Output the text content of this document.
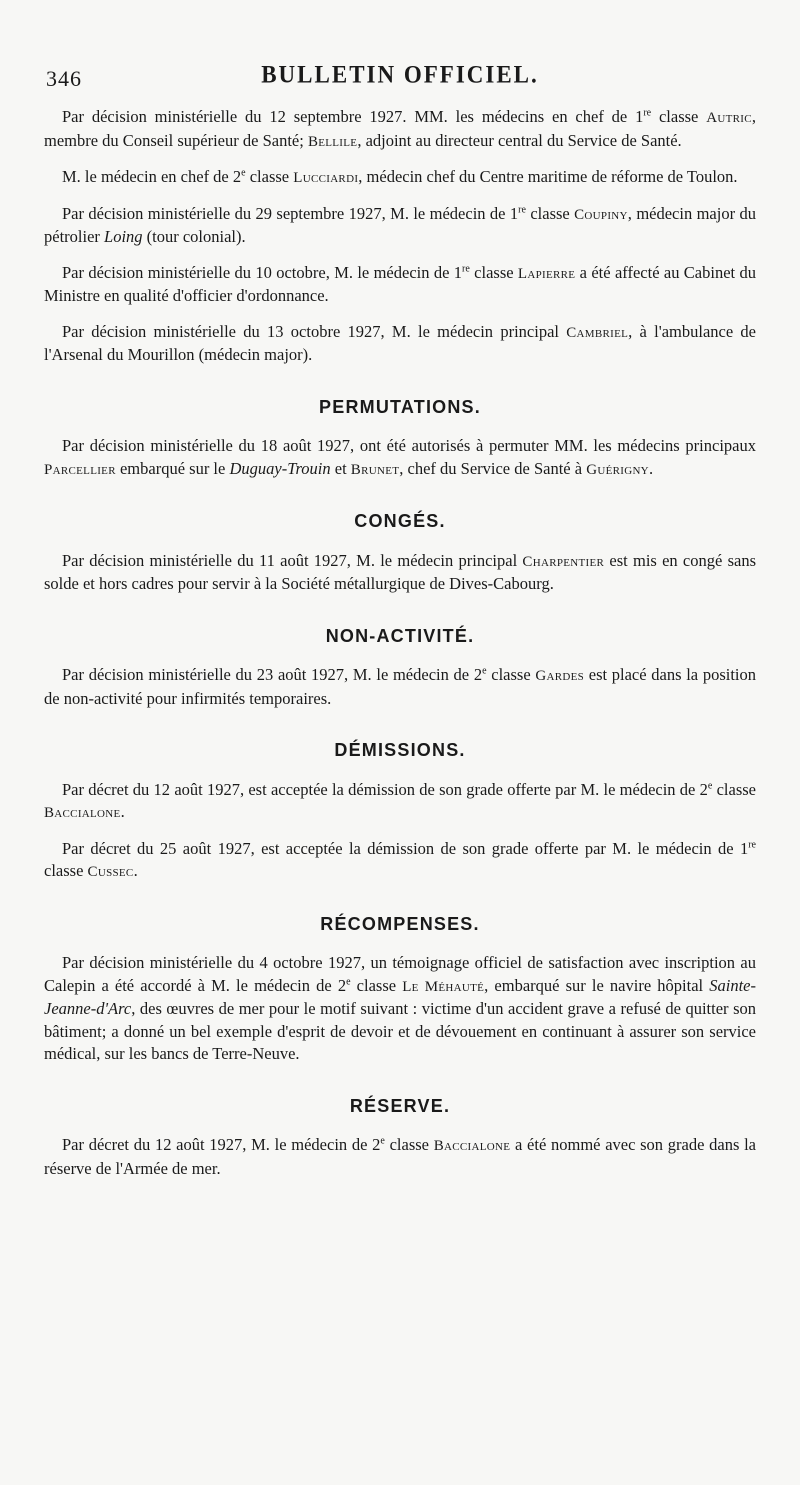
346	BULLETIN OFFICIEL.

Par décision ministérielle du 12 septembre 1927. MM. les médecins en chef de 1re classe Autric, membre du Conseil supérieur de Santé; Bellile, adjoint au directeur central du Service de Santé.

M. le médecin en chef de 2e classe Lucciardi, médecin chef du Centre maritime de réforme de Toulon.

Par décision ministérielle du 29 septembre 1927, M. le médecin de 1re classe Coupiny, médecin major du pétrolier Loing (tour colonial).

Par décision ministérielle du 10 octobre, M. le médecin de 1re classe Lapierre a été affecté au Cabinet du Ministre en qualité d'officier d'ordonnance.

Par décision ministérielle du 13 octobre 1927, M. le médecin principal Cambriel, à l'ambulance de l'Arsenal du Mourillon (médecin major).

PERMUTATIONS.

Par décision ministérielle du 18 août 1927, ont été autorisés à permuter MM. les médecins principaux Parcellier embarqué sur le Duguay-Trouin et Brunet, chef du Service de Santé à Guérigny.

CONGÉS.

Par décision ministérielle du 11 août 1927, M. le médecin principal Charpentier est mis en congé sans solde et hors cadres pour servir à la Société métallurgique de Dives-Cabourg.

NON-ACTIVITÉ.

Par décision ministérielle du 23 août 1927, M. le médecin de 2e classe Gardes est placé dans la position de non-activité pour infirmités temporaires.

DÉMISSIONS.

Par décret du 12 août 1927, est acceptée la démission de son grade offerte par M. le médecin de 2e classe Baccialone.

Par décret du 25 août 1927, est acceptée la démission de son grade offerte par M. le médecin de 1re classe Cussec.

RÉCOMPENSES.

Par décision ministérielle du 4 octobre 1927, un témoignage officiel de satisfaction avec inscription au Calepin a été accordé à M. le médecin de 2e classe Le Méhauté, embarqué sur le navire hôpital Sainte-Jeanne-d'Arc, des œuvres de mer pour le motif suivant : victime d'un accident grave a refusé de quitter son bâtiment; a donné un bel exemple d'esprit de devoir et de dévouement en continuant à assurer son service médical, sur les bancs de Terre-Neuve.

RÉSERVE.

Par décret du 12 août 1927, M. le médecin de 2e classe Baccialone a été nommé avec son grade dans la réserve de l'Armée de mer.
